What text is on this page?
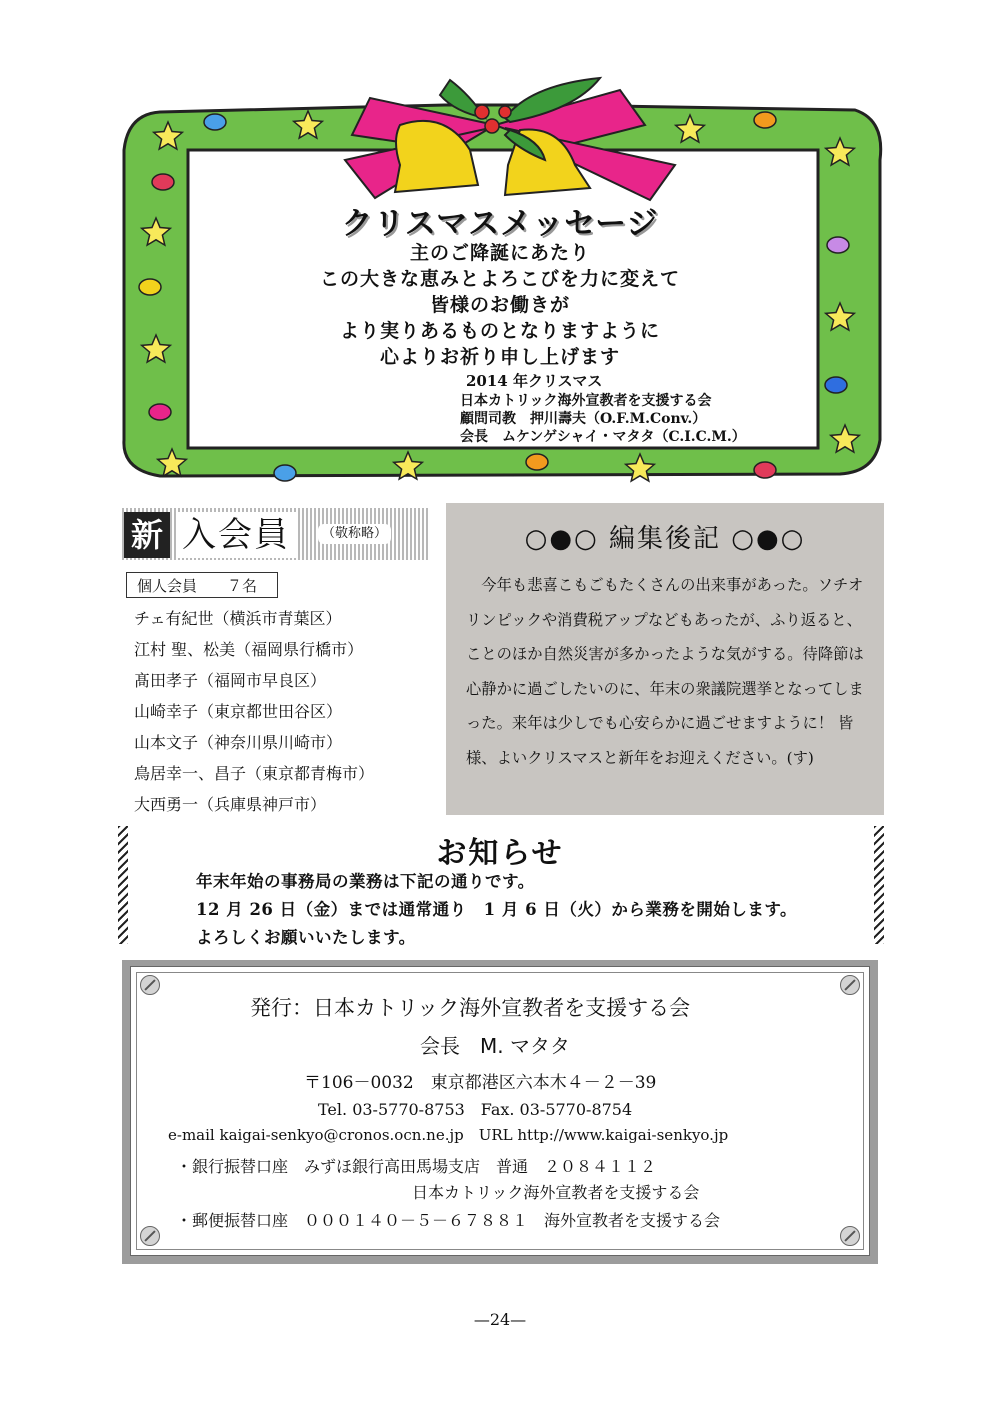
クリスマスメッセージ
主のご降誕にあたり
この大きな恵みとよろこびを力に変えて
皆様のお働きが
より実りあるものとなりますように
心よりお祈り申し上げます
2014 年クリスマス
日本カトリック海外宣教者を支援する会
顧問司教　押川壽夫（O.F.M.Conv.）
会長　ムケンゲシャイ・マタタ（C.I.C.M.）
新 入会員	（敬称略）
個人会員　　７名
チェ有紀世（横浜市青葉区）
江村 聖、松美（福岡県行橋市）
髙田孝子（福岡市早良区）
山崎幸子（東京都世田谷区）
山本文子（神奈川県川崎市）
鳥居幸一、昌子（東京都青梅市）
大西勇一（兵庫県神戸市）
○●○ 編集後記 ○●○

今年も悲喜こもごもたくさんの出来事があった。ソチオリンピックや消費税アップなどもあったが、ふり返ると、ことのほか自然災害が多かったような気がする。待降節は心静かに過ごしたいのに、年末の衆議院選挙となってしまった。来年は少しでも心安らかに過ごせますように！ 皆様、よいクリスマスと新年をお迎えください。(す)

お知らせ
年末年始の事務局の業務は下記の通りです。
12 月 26 日（金）までは通常通り　1 月 6 日（火）から業務を開始します。
よろしくお願いいたします。
発行：日本カトリック海外宣教者を支援する会
会長　M. マタタ
〒106－0032　東京都港区六本木４－２－39
Tel. 03-5770-8753　Fax. 03-5770-8754
e-mail kaigai-senkyo@cronos.ocn.ne.jp　URL http://www.kaigai-senkyo.jp
・銀行振替口座　みずほ銀行高田馬場支店　普通　２０８４１１２
日本カトリック海外宣教者を支援する会
・郵便振替口座　０００１４０－５－６７８８１　海外宣教者を支援する会
—24—
